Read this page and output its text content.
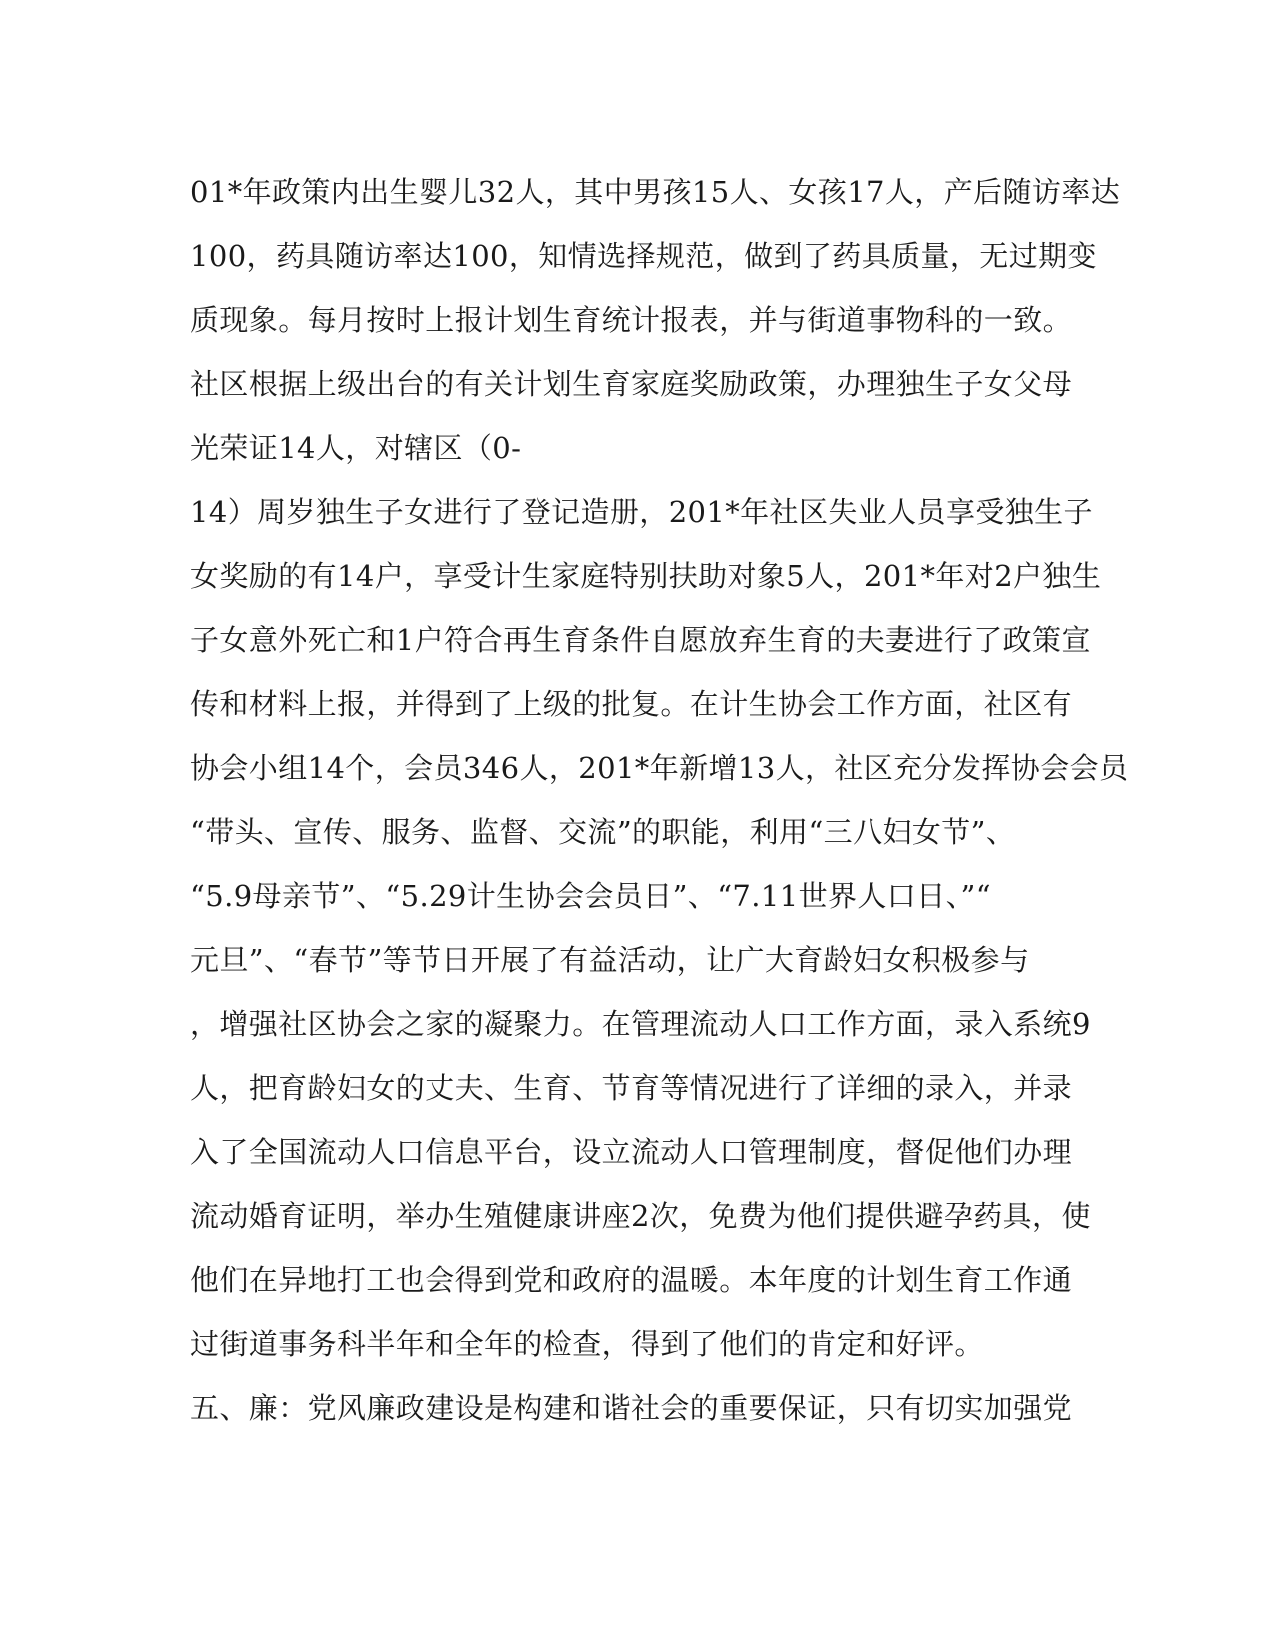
01*年政策内出生婴儿32人，其中男孩15人、女孩17人，产后随访率达
100，药具随访率达100，知情选择规范，做到了药具质量，无过期变
质现象。每月按时上报计划生育统计报表，并与街道事物科的一致。
社区根据上级出台的有关计划生育家庭奖励政策，办理独生子女父母
光荣证14人，对辖区（0-
14）周岁独生子女进行了登记造册，201*年社区失业人员享受独生子
女奖励的有14户，享受计生家庭特别扶助对象5人，201*年对2户独生
子女意外死亡和1户符合再生育条件自愿放弃生育的夫妻进行了政策宣
传和材料上报，并得到了上级的批复。在计生协会工作方面，社区有
协会小组14个，会员346人，201*年新增13人，社区充分发挥协会会员
“带头、宣传、服务、监督、交流”的职能，利用“三八妇女节”、
“5.9母亲节”、“5.29计生协会会员日”、“7.11世界人口日、”“
元旦”、“春节”等节日开展了有益活动，让广大育龄妇女积极参与
，增强社区协会之家的凝聚力。在管理流动人口工作方面，录入系统9
人，把育龄妇女的丈夫、生育、节育等情况进行了详细的录入，并录
入了全国流动人口信息平台，设立流动人口管理制度，督促他们办理
流动婚育证明，举办生殖健康讲座2次，免费为他们提供避孕药具，使
他们在异地打工也会得到党和政府的温暖。本年度的计划生育工作通
过街道事务科半年和全年的检查，得到了他们的肯定和好评。
五、廉：党风廉政建设是构建和谐社会的重要保证，只有切实加强党
